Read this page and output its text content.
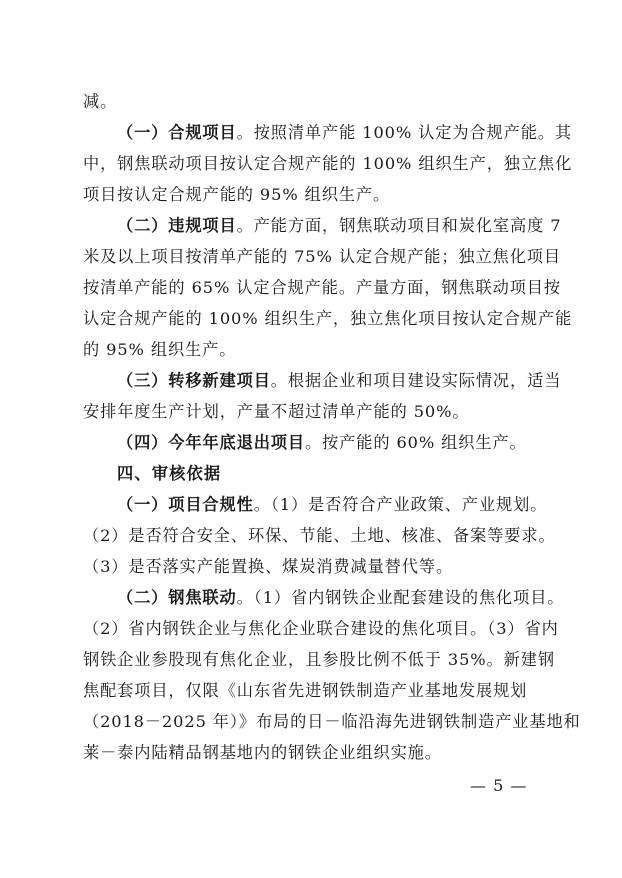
减。
（一）合规项目。按照清单产能 100% 认定为合规产能。其
中，钢焦联动项目按认定合规产能的 100% 组织生产，独立焦化
项目按认定合规产能的 95% 组织生产。
（二）违规项目。产能方面，钢焦联动项目和炭化室高度 7
米及以上项目按清单产能的 75% 认定合规产能；独立焦化项目
按清单产能的 65% 认定合规产能。产量方面，钢焦联动项目按
认定合规产能的 100% 组织生产，独立焦化项目按认定合规产能
的 95% 组织生产。
（三）转移新建项目。根据企业和项目建设实际情况，适当
安排年度生产计划，产量不超过清单产能的 50%。
（四）今年年底退出项目。按产能的 60% 组织生产。
四、审核依据
（一）项目合规性。（1）是否符合产业政策、产业规划。
（2）是否符合安全、环保、节能、土地、核准、备案等要求。
（3）是否落实产能置换、煤炭消费减量替代等。
（二）钢焦联动。（1）省内钢铁企业配套建设的焦化项目。
（2）省内钢铁企业与焦化企业联合建设的焦化项目。（3）省内
钢铁企业参股现有焦化企业，且参股比例不低于 35%。新建钢
焦配套项目，仅限《山东省先进钢铁制造产业基地发展规划
— 5 —
（2018－2025 年）》布局的日－临沿海先进钢铁制造产业基地和
莱－泰内陆精品钢基地内的钢铁企业组织实施。
